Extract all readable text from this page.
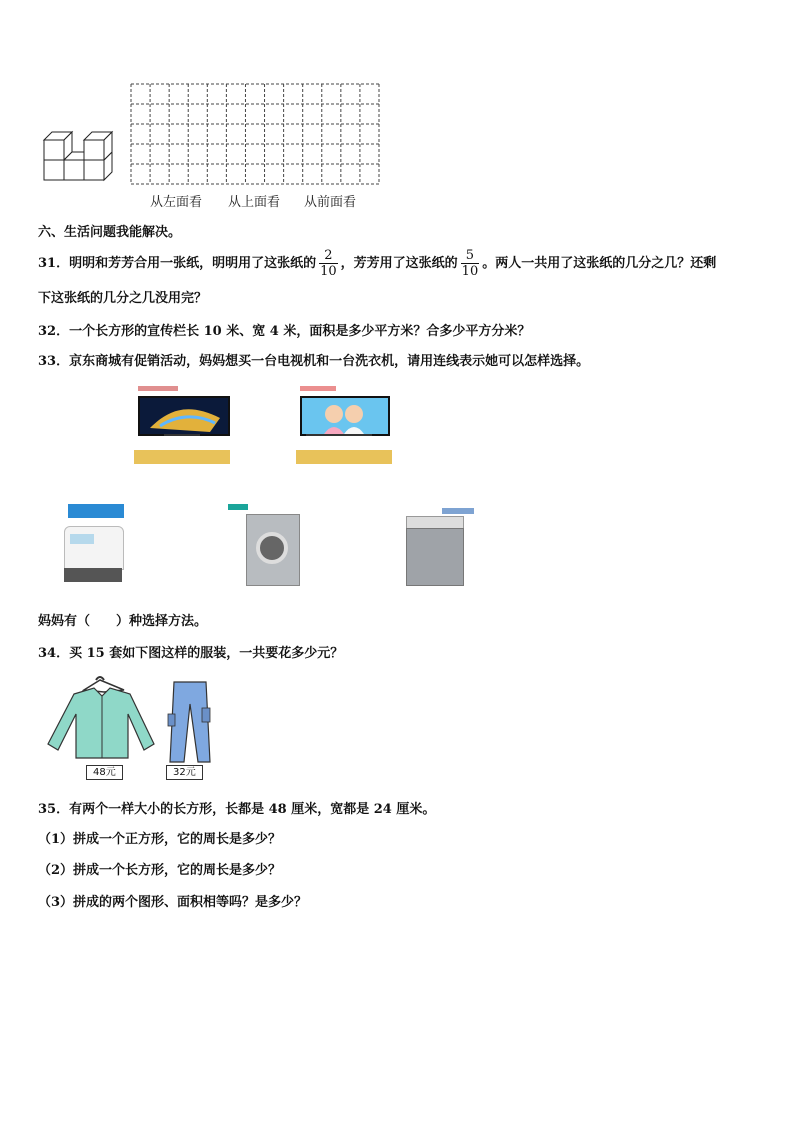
从左面看 从上面看 从前面看
六、生活问题我能解决。
31．明明和芳芳合用一张纸，明明用了这张纸的 $\frac{2}{10}$ ，芳芳用了这张纸的 $\frac{5}{10}$ 。两人一共用了这张纸的几分之几？还剩
下这张纸的几分之几没用完？
32．一个长方形的宣传栏长 10 米、宽 4 米，面积是多少平方米？合多少平方分米？
33．京东商城有促销活动，妈妈想买一台电视机和一台洗衣机，请用连线表示她可以怎样选择。
妈妈有（ ）种选择方法。
34．买 15 套如下图这样的服装，一共要花多少元？
48元	32元
35．有两个一样大小的长方形，长都是 48 厘米，宽都是 24 厘米。
（1）拼成一个正方形，它的周长是多少？
（2）拼成一个长方形，它的周长是多少？
（3）拼成的两个图形、面积相等吗？是多少？
